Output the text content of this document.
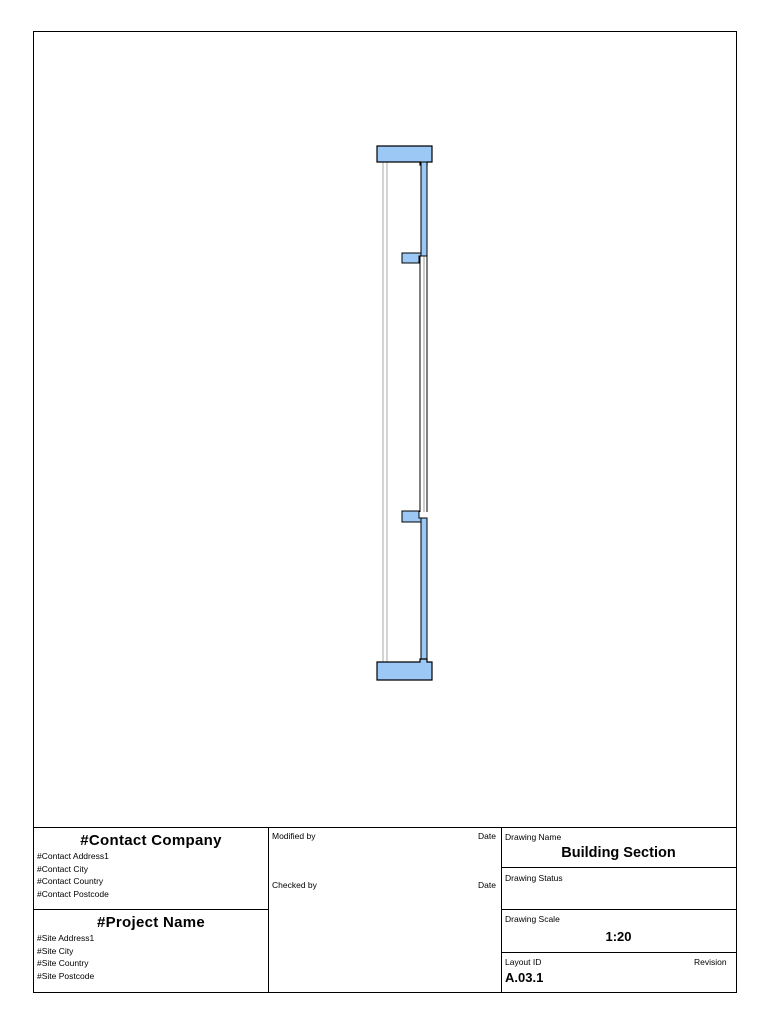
#Contact Company
#Contact Address1
#Contact City
#Contact Country
#Contact Postcode
#Project Name
#Site Address1
#Site City
#Site Country
#Site Postcode
Modified by	Date
Checked by	Date
Drawing Name
Building Section
Drawing Status
Drawing Scale
1:20
Layout ID	Revision
A.03.1
